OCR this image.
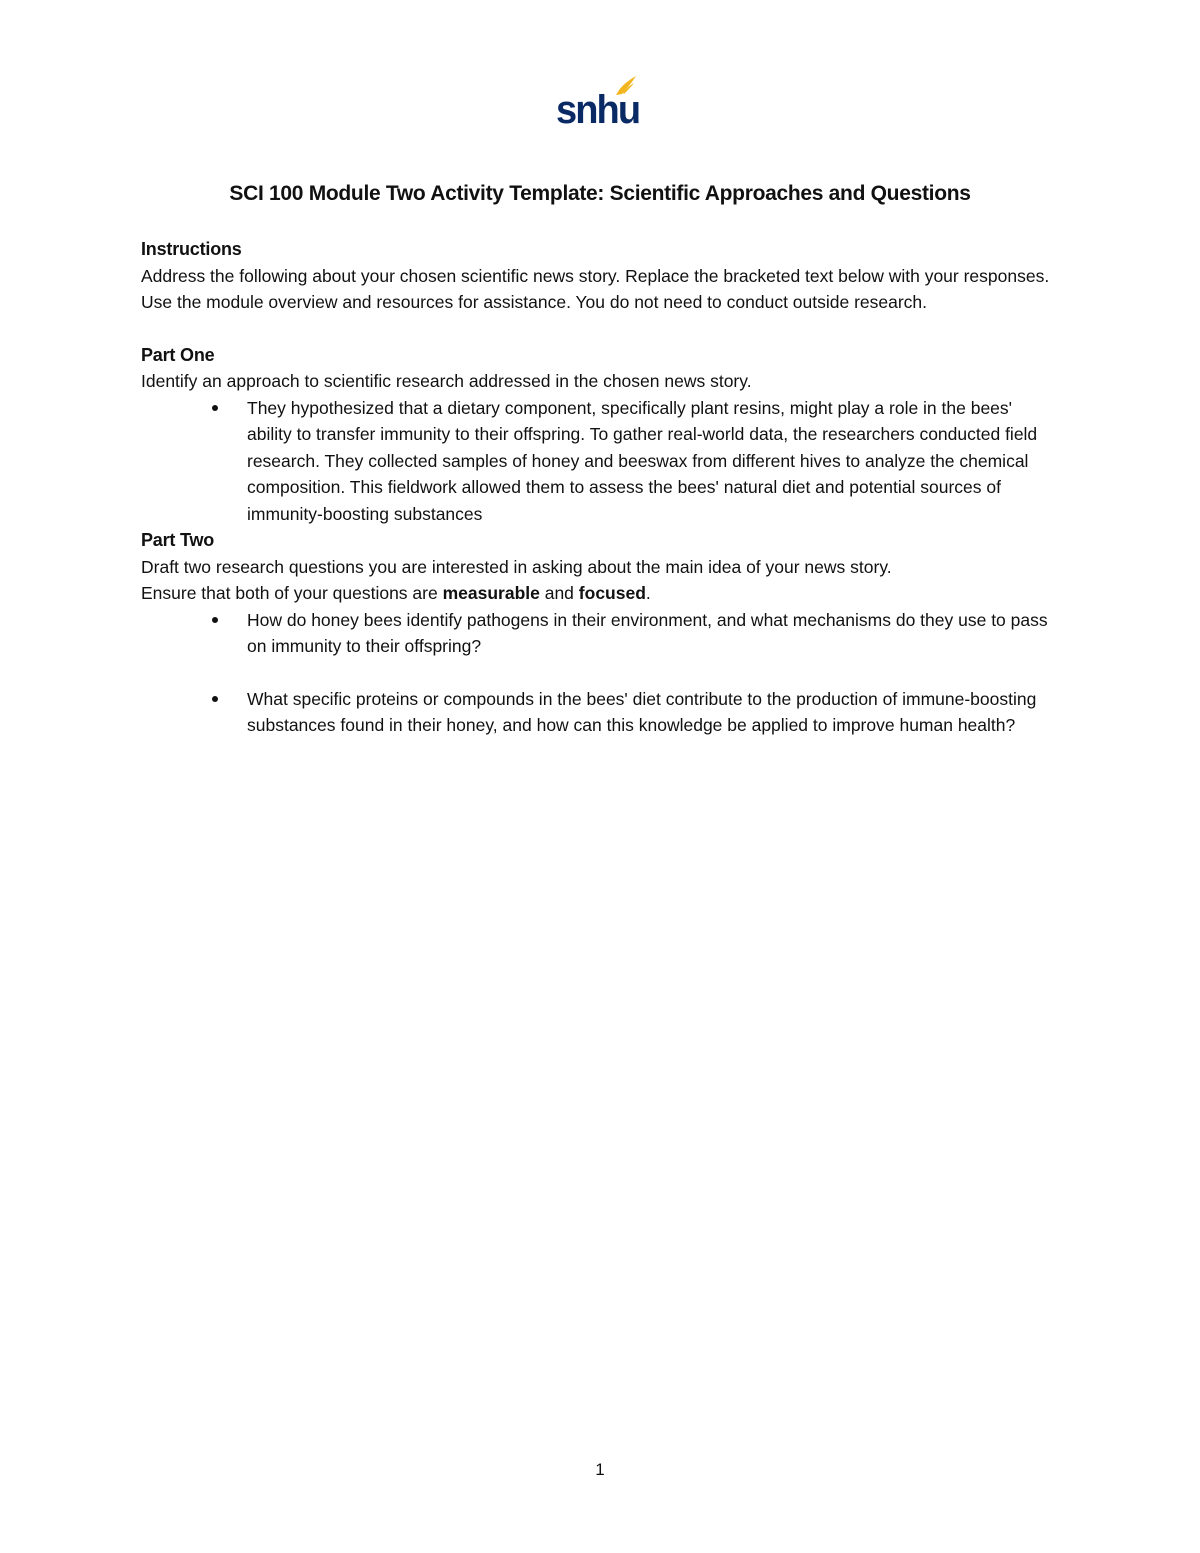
snhu
SCI 100 Module Two Activity Template: Scientific Approaches and Questions

Instructions

Address the following about your chosen scientific news story. Replace the bracketed text below with your responses. Use the module overview and resources for assistance. You do not need to conduct outside research.

Part One

Identify an approach to scientific research addressed in the chosen news story.

They hypothesized that a dietary component, specifically plant resins, might play a role in the bees' ability to transfer immunity to their offspring. To gather real-world data, the researchers conducted field research. They collected samples of honey and beeswax from different hives to analyze the chemical composition. This fieldwork allowed them to assess the bees' natural diet and potential sources of immunity-boosting substances

Part Two

Draft two research questions you are interested in asking about the main idea of your news story.

Ensure that both of your questions are measurable and focused.

How do honey bees identify pathogens in their environment, and what mechanisms do they use to pass on immunity to their offspring?
What specific proteins or compounds in the bees' diet contribute to the production of immune-boosting substances found in their honey, and how can this knowledge be applied to improve human health?
1
